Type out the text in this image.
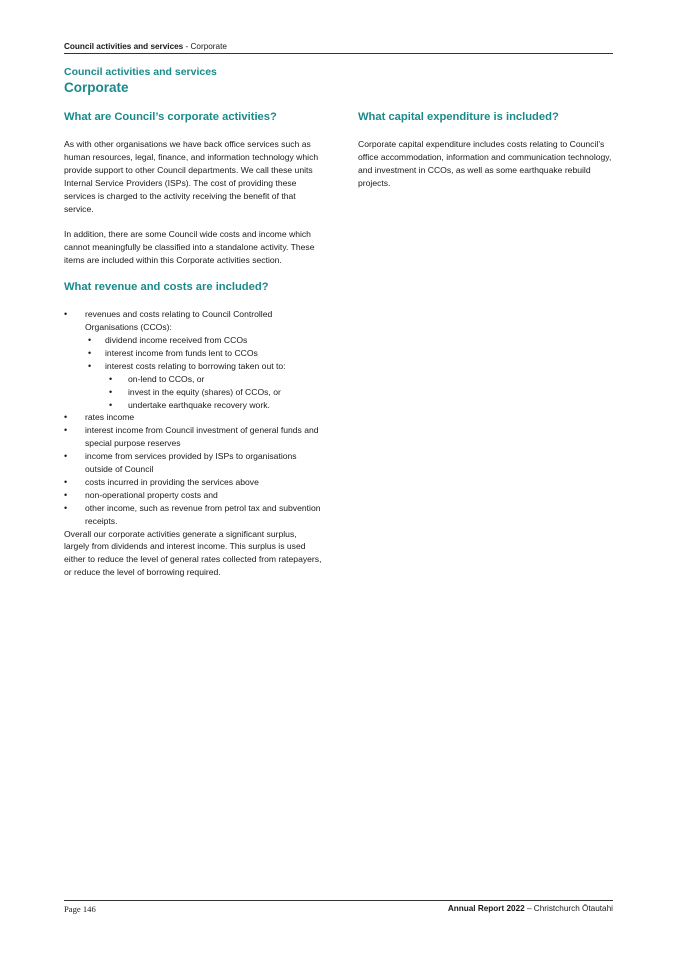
Council activities and services - Corporate
Council activities and services
Corporate
What are Council’s corporate activities?

As with other organisations we have back office services such as human resources, legal, finance, and information technology which provide support to other Council departments. We call these units Internal Service Providers (ISPs). The cost of providing these services is charged to the activity receiving the benefit of that service.

In addition, there are some Council wide costs and income which cannot meaningfully be classified into a standalone activity. These items are included within this Corporate activities section.

What revenue and costs are included?
• revenues and costs relating to Council Controlled Organisations (CCOs):
• dividend income received from CCOs
• interest income from funds lent to CCOs
• interest costs relating to borrowing taken out to:
• on-lend to CCOs, or
• invest in the equity (shares) of CCOs, or
• undertake earthquake recovery work.
• rates income
• interest income from Council investment of general funds and special purpose reserves
• income from services provided by ISPs to organisations outside of Council
• costs incurred in providing the services above
• non-operational property costs and
• other income, such as revenue from petrol tax and subvention receipts.

Overall our corporate activities generate a significant surplus, largely from dividends and interest income. This surplus is used either to reduce the level of general rates collected from ratepayers, or reduce the level of borrowing required.

What capital expenditure is included?

Corporate capital expenditure includes costs relating to Council’s office accommodation, information and communication technology, and investment in CCOs, as well as some earthquake rebuild projects.

Page 146	Annual Report 2022 – Christchurch Ōtautahi
